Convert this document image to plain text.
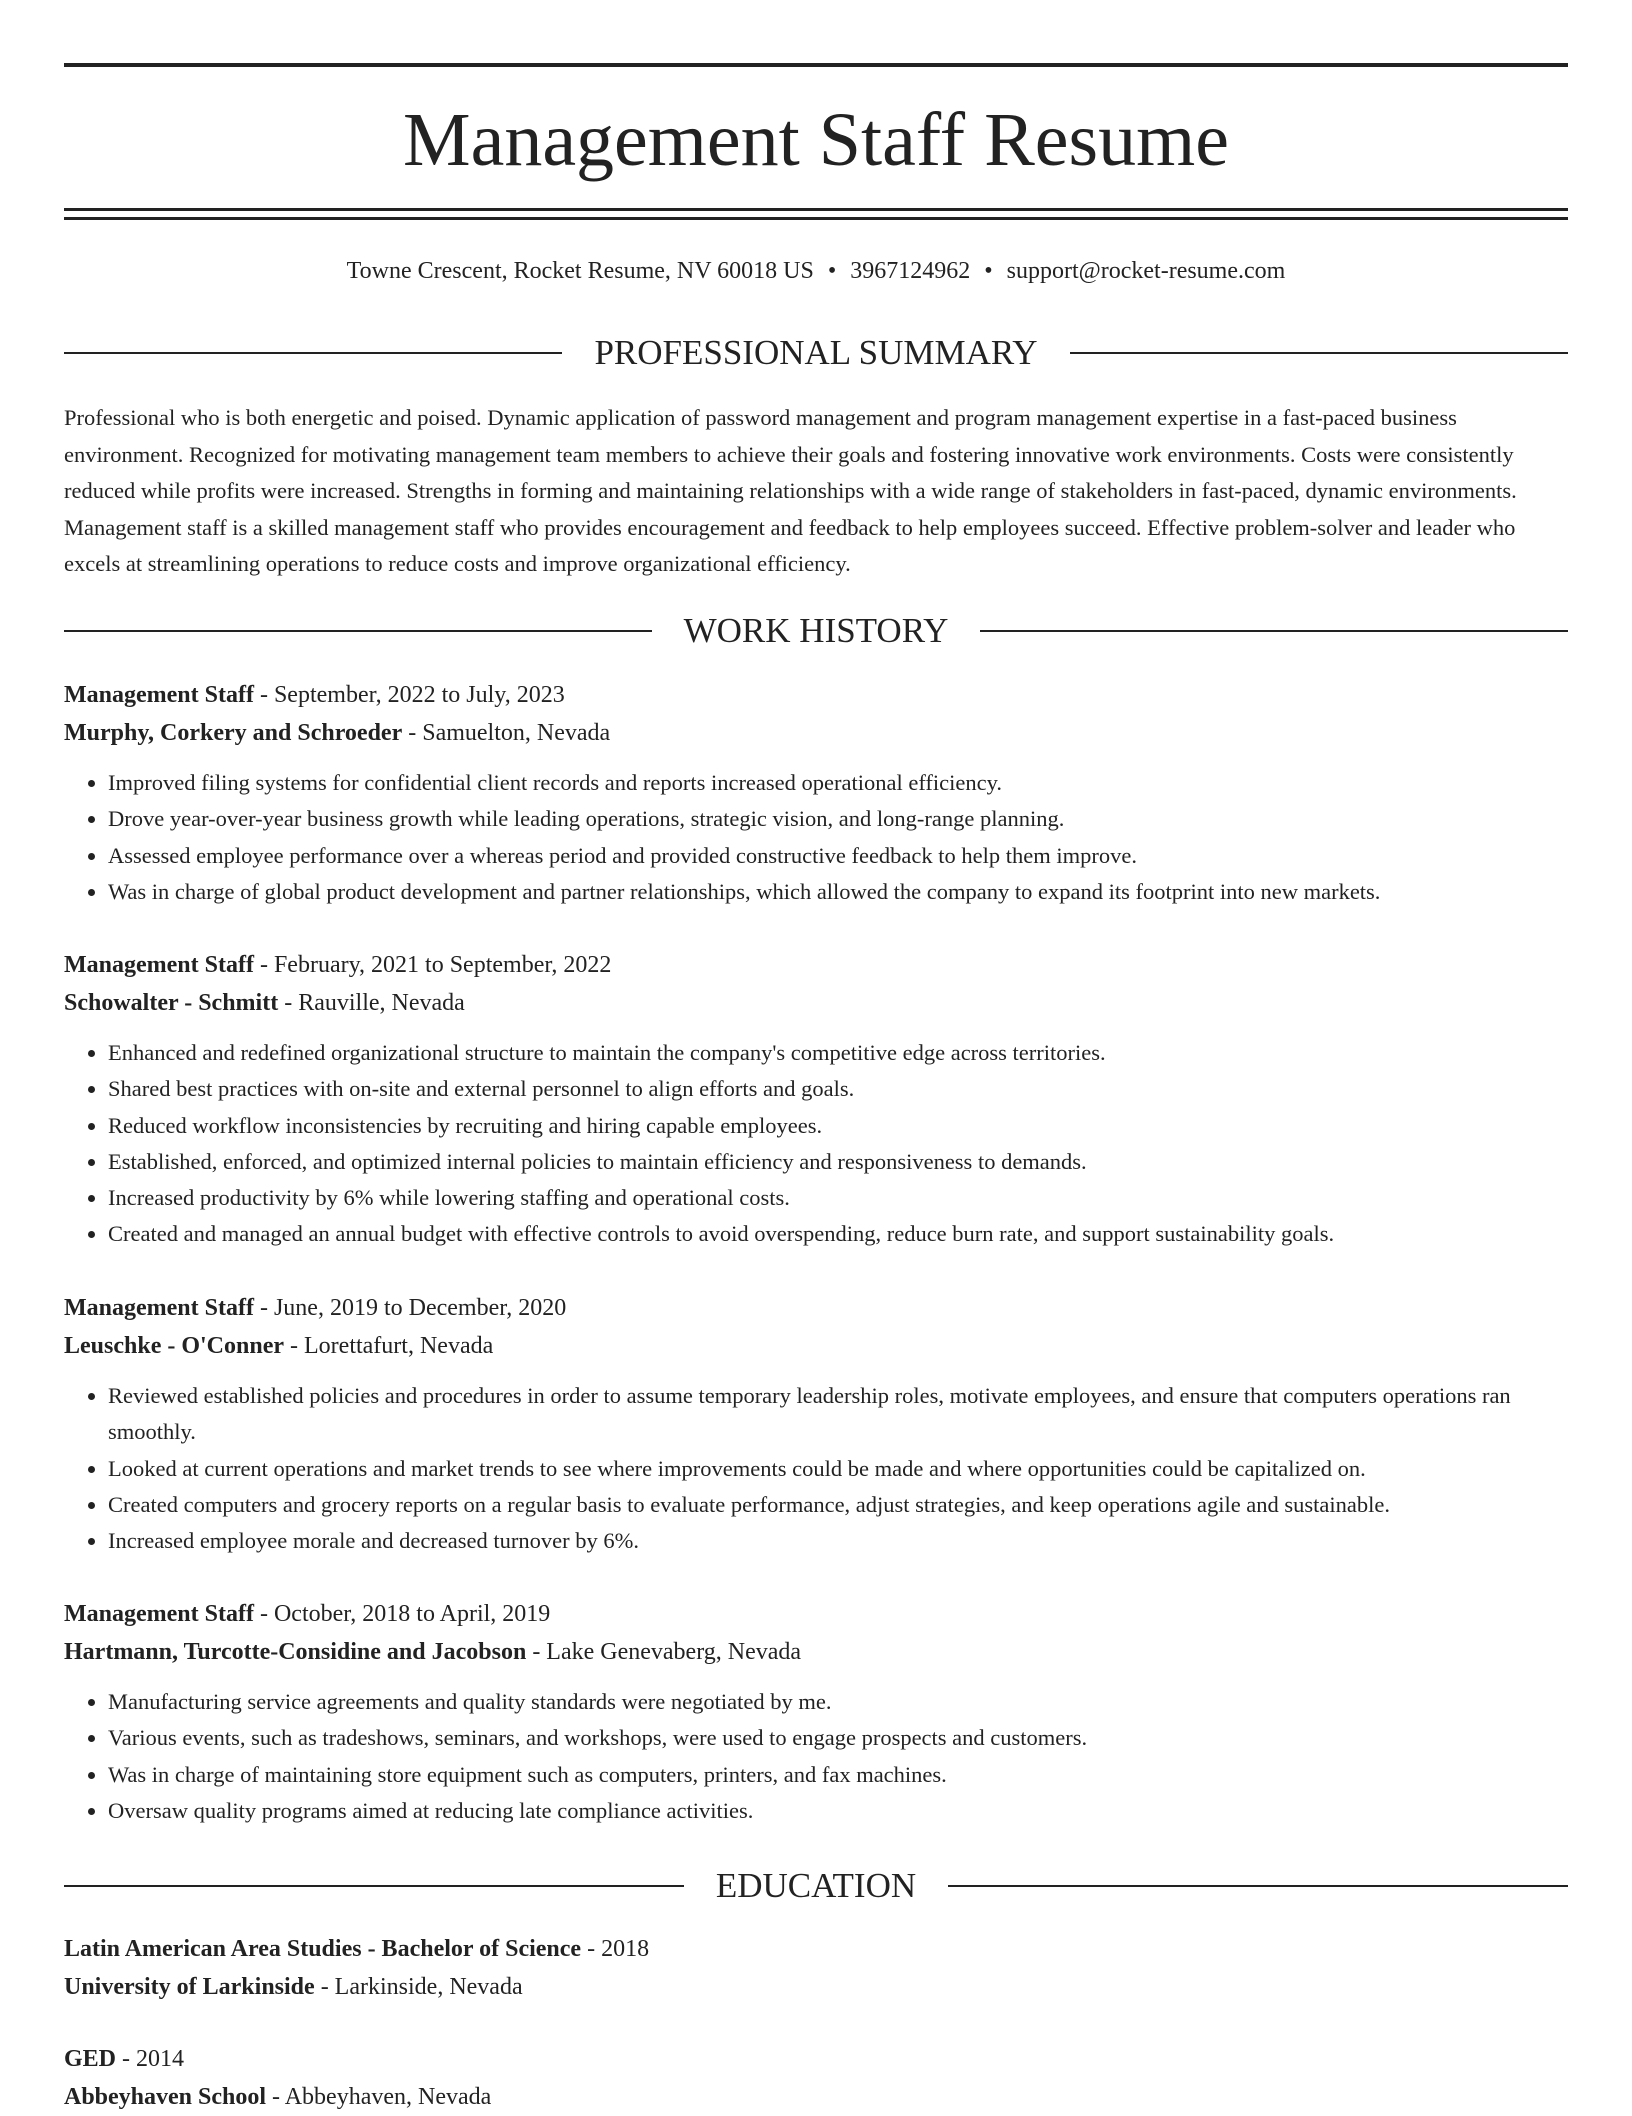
Management Staff Resume
Towne Crescent, Rocket Resume, NV 60018 US • 3967124962 • support@rocket-resume.com
PROFESSIONAL SUMMARY

Professional who is both energetic and poised. Dynamic application of password management and program management expertise in a fast-paced business environment. Recognized for motivating management team members to achieve their goals and fostering innovative work environments. Costs were consistently reduced while profits were increased. Strengths in forming and maintaining relationships with a wide range of stakeholders in fast-paced, dynamic environments. Management staff is a skilled management staff who provides encouragement and feedback to help employees succeed. Effective problem-solver and leader who excels at streamlining operations to reduce costs and improve organizational efficiency.

WORK HISTORY
Management Staff - September, 2022 to July, 2023
Murphy, Corkery and Schroeder - Samuelton, Nevada
• Improved filing systems for confidential client records and reports increased operational efficiency.
• Drove year-over-year business growth while leading operations, strategic vision, and long-range planning.
• Assessed employee performance over a whereas period and provided constructive feedback to help them improve.
• Was in charge of global product development and partner relationships, which allowed the company to expand its footprint into new markets.
Management Staff - February, 2021 to September, 2022
Schowalter - Schmitt - Rauville, Nevada
• Enhanced and redefined organizational structure to maintain the company's competitive edge across territories.
• Shared best practices with on-site and external personnel to align efforts and goals.
• Reduced workflow inconsistencies by recruiting and hiring capable employees.
• Established, enforced, and optimized internal policies to maintain efficiency and responsiveness to demands.
• Increased productivity by 6% while lowering staffing and operational costs.
• Created and managed an annual budget with effective controls to avoid overspending, reduce burn rate, and support sustainability goals.
Management Staff - June, 2019 to December, 2020
Leuschke - O'Conner - Lorettafurt, Nevada
• Reviewed established policies and procedures in order to assume temporary leadership roles, motivate employees, and ensure that computers operations ran smoothly.
• Looked at current operations and market trends to see where improvements could be made and where opportunities could be capitalized on.
• Created computers and grocery reports on a regular basis to evaluate performance, adjust strategies, and keep operations agile and sustainable.
• Increased employee morale and decreased turnover by 6%.
Management Staff - October, 2018 to April, 2019
Hartmann, Turcotte-Considine and Jacobson - Lake Genevaberg, Nevada
• Manufacturing service agreements and quality standards were negotiated by me.
• Various events, such as tradeshows, seminars, and workshops, were used to engage prospects and customers.
• Was in charge of maintaining store equipment such as computers, printers, and fax machines.
• Oversaw quality programs aimed at reducing late compliance activities.
EDUCATION
Latin American Area Studies - Bachelor of Science - 2018
University of Larkinside - Larkinside, Nevada
GED - 2014
Abbeyhaven School - Abbeyhaven, Nevada
